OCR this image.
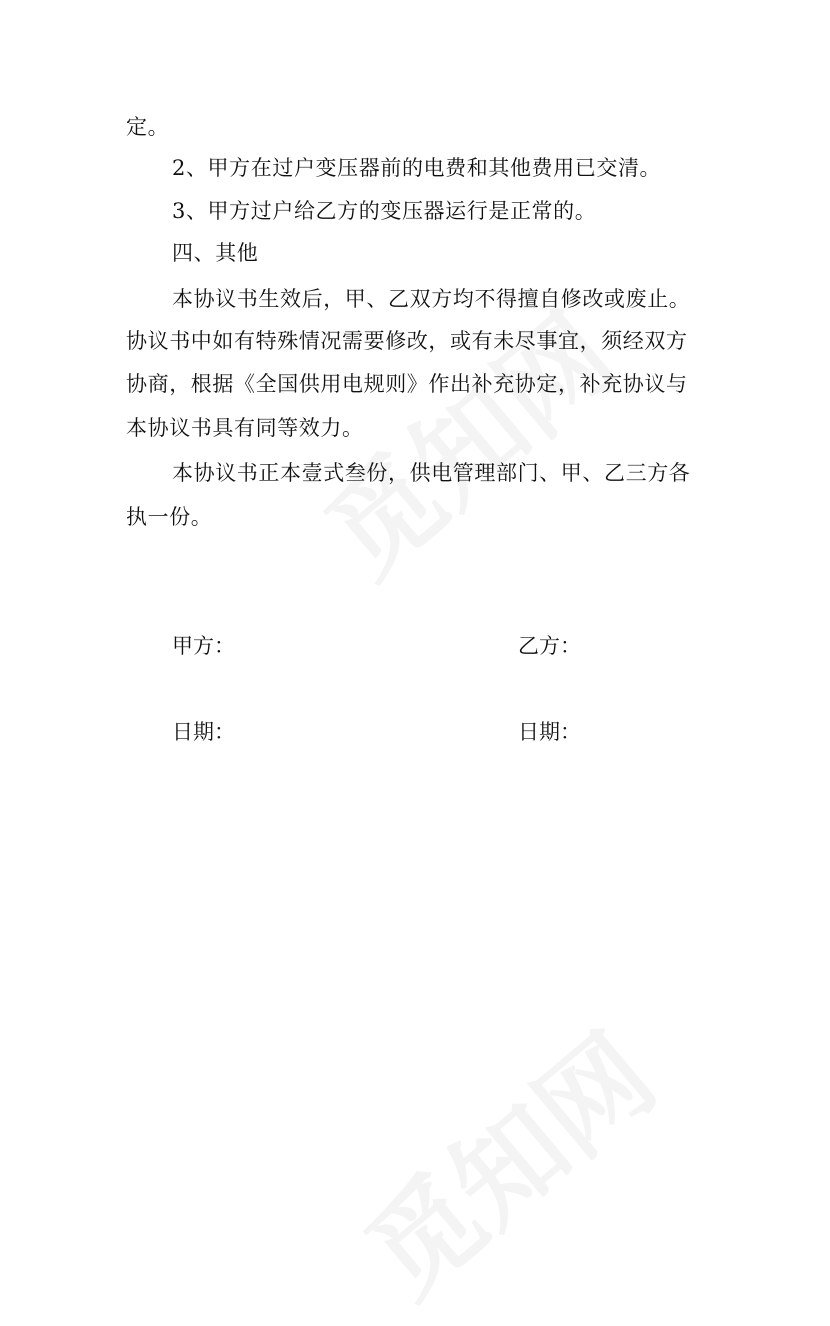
定。
2、甲方在过户变压器前的电费和其他费用已交清。
3、甲方过户给乙方的变压器运行是正常的。
四、其他
本协议书生效后，甲、乙双方均不得擅自修改或废止。
协议书中如有特殊情况需要修改，或有未尽事宜，须经双方
协商，根据《全国供用电规则》作出补充协定，补充协议与
本协议书具有同等效力。
本协议书正本壹式叁份，供电管理部门、甲、乙三方各
执一份。
甲方：	乙方：
日期：	日期：
